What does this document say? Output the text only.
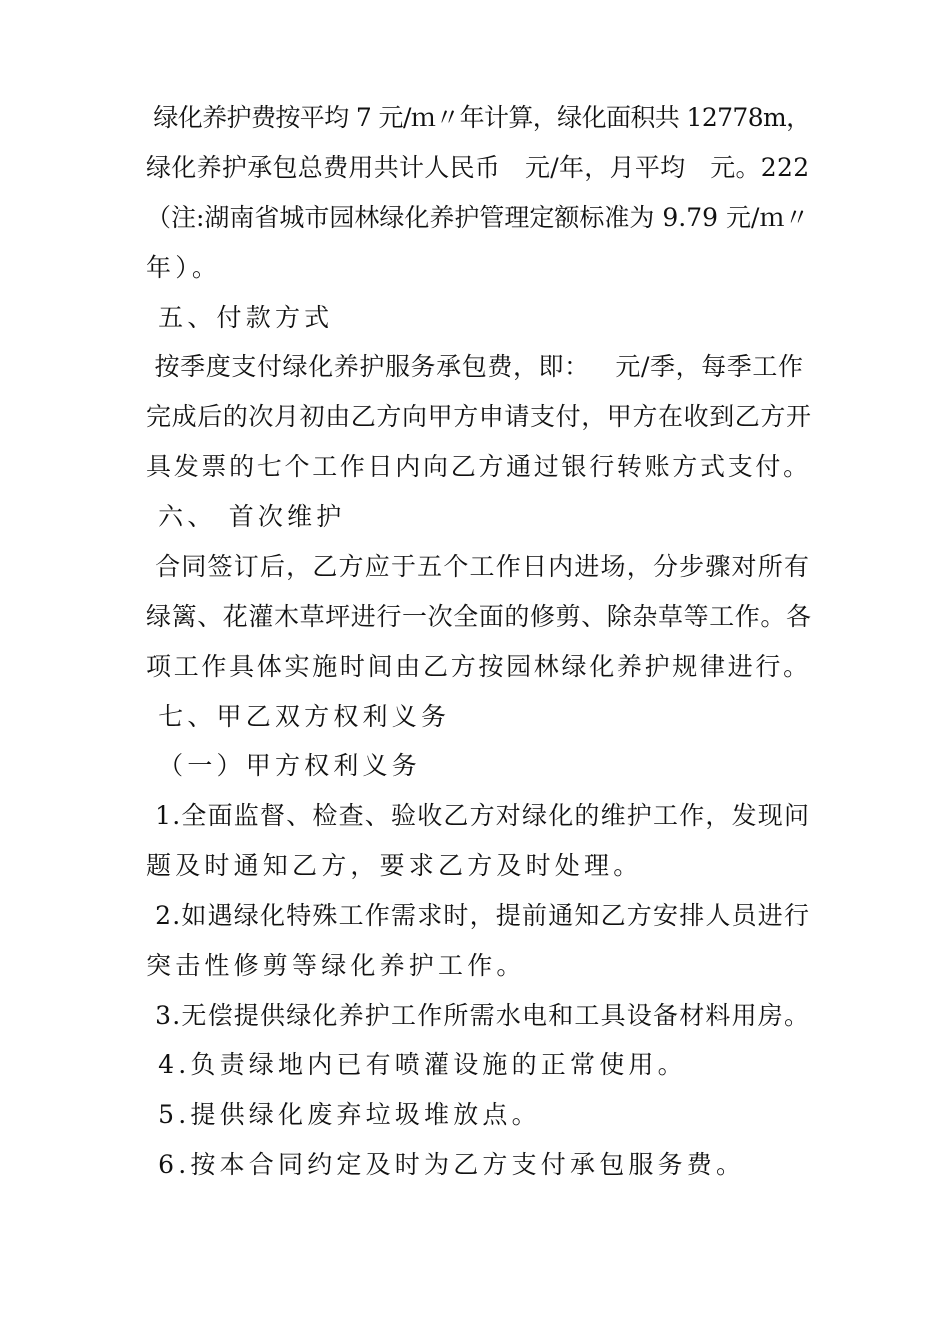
绿化养护费按平均 7 元/ｍ〃年计算，绿化面积共 12778m，
绿化养护承包总费用共计人民币   元/年，月平均   元。222
（注:湖南省城市园林绿化养护管理定额标准为 9.79 元/ｍ〃
年）。
五、付款方式
按季度支付绿化养护服务承包费，即：   元/季，每季工作
完成后的次月初由乙方向甲方申请支付，甲方在收到乙方开
具发票的七个工作日内向乙方通过银行转账方式支付。
六、 首次维护
合同签订后，乙方应于五个工作日内进场，分步骤对所有
绿篱、花灌木草坪进行一次全面的修剪、除杂草等工作。各
项工作具体实施时间由乙方按园林绿化养护规律进行。
七、甲乙双方权利义务
（一）甲方权利义务
1.全面监督、检查、验收乙方对绿化的维护工作，发现问
题及时通知乙方，要求乙方及时处理。
2.如遇绿化特殊工作需求时，提前通知乙方安排人员进行
突击性修剪等绿化养护工作。
3.无偿提供绿化养护工作所需水电和工具设备材料用房。
4.负责绿地内已有喷灌设施的正常使用。
5.提供绿化废弃垃圾堆放点。
6.按本合同约定及时为乙方支付承包服务费。
